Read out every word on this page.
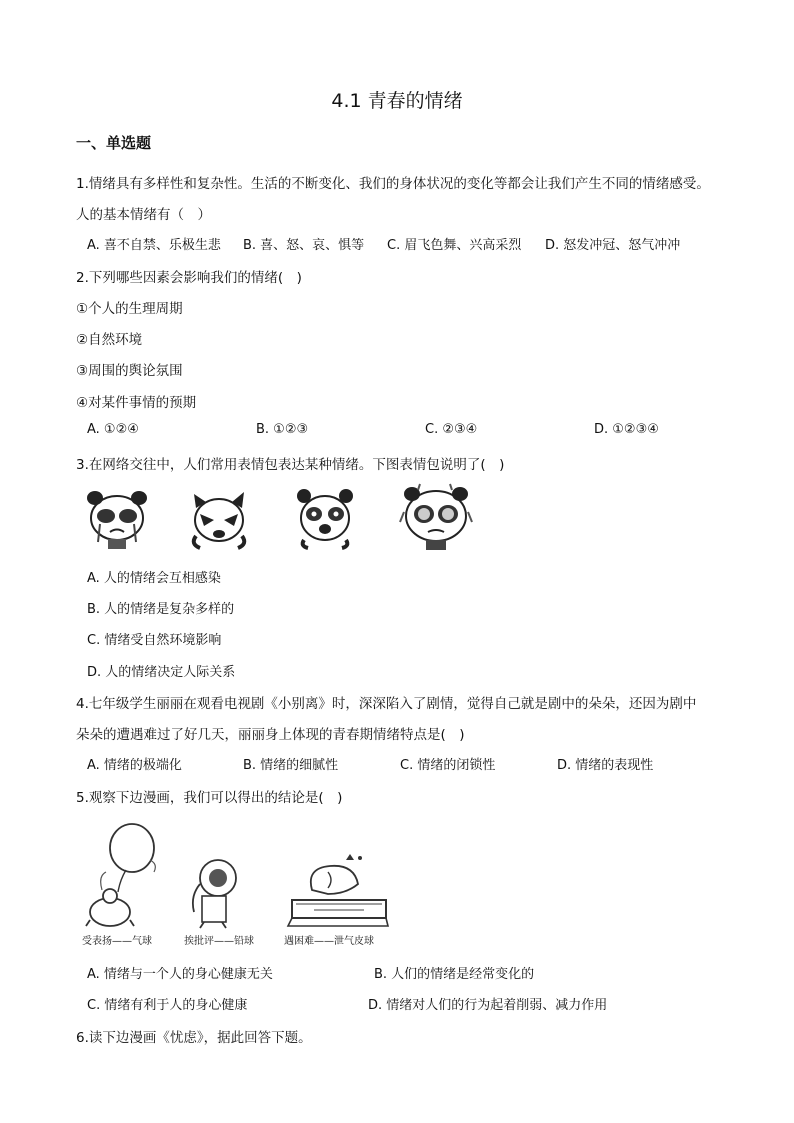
4.1 青春的情绪
一、单选题
1.情绪具有多样性和复杂性。生活的不断变化、我们的身体状况的变化等都会让我们产生不同的情绪感受。
人的基本情绪有（　）
A. 喜不自禁、乐极生悲 B. 喜、怒、哀、惧等 C. 眉飞色舞、兴高采烈 D. 怒发冲冠、怒气冲冲
2.下列哪些因素会影响我们的情绪(　)
①个人的生理周期
②自然环境
③周围的舆论氛围
④对某件事情的预期
A. ①②④	B. ①②③	C. ②③④	D. ①②③④
3.在网络交往中，人们常用表情包表达某种情绪。下图表情包说明了(　)
A. 人的情绪会互相感染
B. 人的情绪是复杂多样的
C. 情绪受自然环境影响
D. 人的情绪决定人际关系
4.七年级学生丽丽在观看电视剧《小别离》时，深深陷入了剧情，觉得自己就是剧中的朵朵，还因为剧中
朵朵的遭遇难过了好几天，丽丽身上体现的青春期情绪特点是(　)
A. 情绪的极端化	B. 情绪的细腻性	C. 情绪的闭锁性	D. 情绪的表现性
5.观察下边漫画，我们可以得出的结论是(　)
受表扬——气球	挨批评——铅球	遇困难——泄气皮球
A. 情绪与一个人的身心健康无关	B. 人们的情绪是经常变化的
C. 情绪有利于人的身心健康	D. 情绪对人们的行为起着削弱、减力作用
6.读下边漫画《忧虑》，据此回答下题。
